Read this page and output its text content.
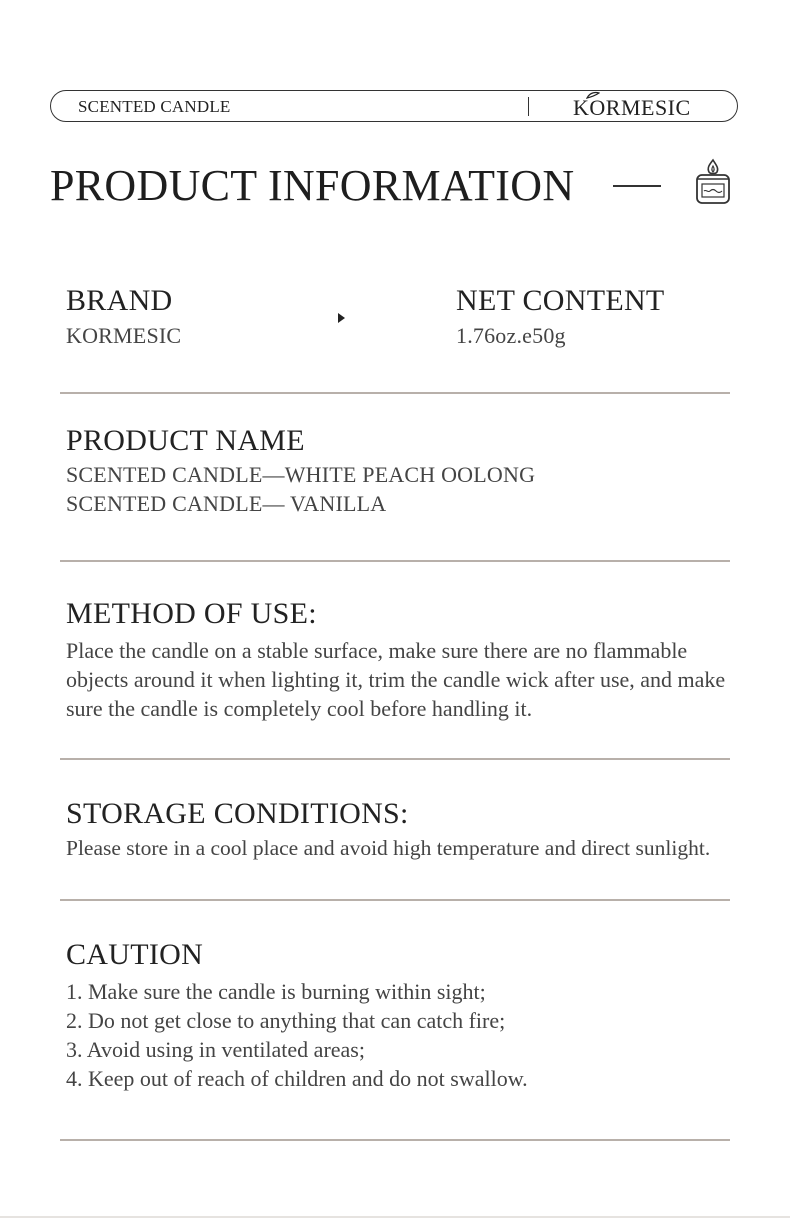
SCENTED CANDLE	KORMESIC
PRODUCT INFORMATION
BRAND
KORMESIC
NET CONTENT
1.76oz.e50g
PRODUCT NAME
SCENTED CANDLE—WHITE PEACH OOLONG
SCENTED CANDLE— VANILLA
METHOD OF USE:
Place the candle on a stable surface, make sure there are no flammable objects around it when lighting it, trim the candle wick after use, and make sure the candle is completely cool before handling it.
STORAGE CONDITIONS:
Please store in a cool place and avoid high temperature and direct sunlight.
CAUTION
1. Make sure the candle is burning within sight;
2. Do not get close to anything that can catch fire;
3. Avoid using in ventilated areas;
4. Keep out of reach of children and do not swallow.
